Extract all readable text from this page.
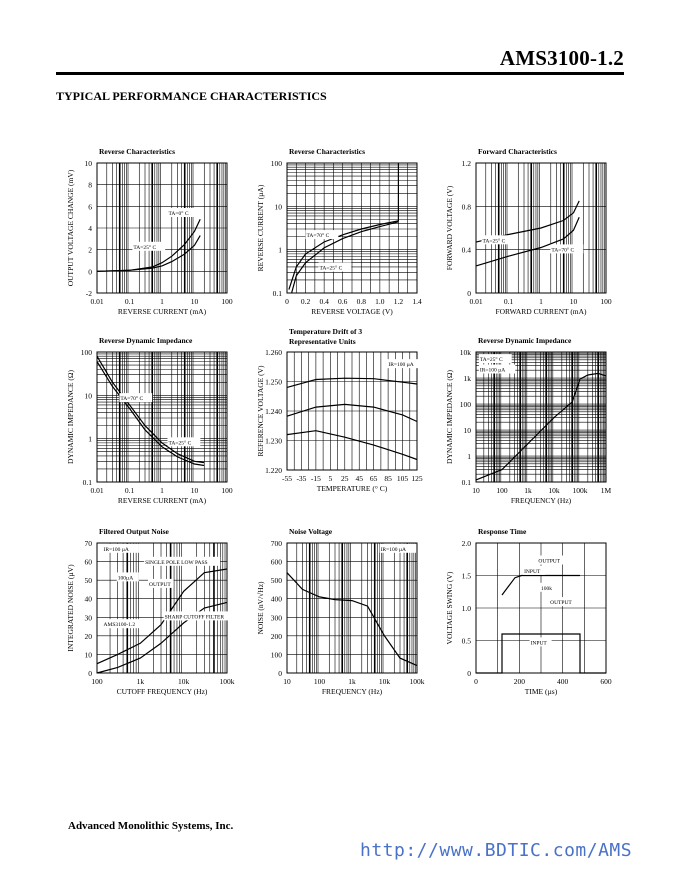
AMS3100-1.2
TYPICAL PERFORMANCE CHARACTERISTICS
Reverse Characteristics
0.01	0.1	1	10	100
-2
0
2
4
6
8
10
REVERSE CURRENT (mA)
OUTPUT VOLTAGE CHANGE (mV)	TA=0° C
TA=25° C
Reverse Characteristics
0 0.2 0.4 0.6 0.8 1.0 1.2 1.4
0.1
1
10
100
REVERSE VOLTAGE (V)
REVERSE CURRENT (µA)	TA=70° C
TA=25° C
Forward Characteristics
0.01	0.1	1	10	100
0
0.4
0.8
1.2
FORWARD CURRENT (mA)
FORWARD VOLTAGE (V)	TA=25° C
TA=70° C
Reverse Dynamic Impedance
0.01	0.1	1	10	100
0.1
1
10
100
REVERSE CURRENT (mA)
DYNAMIC IMPEDANCE (Ω)	TA=70° C
TA=25° C
Temperature Drift of 3
Representative Units
-55 -35 -15 5 25 45 65 85 105 125
1.220
1.230
1.240
1.250
1.260
TEMPERATURE (° C)
REFERENCE VOLTAGE (V)
IR=100 µA
Reverse Dynamic Impedance
10 100 1k 10k 100k 1M
0.1
1
10
100
1k
10k
FREQUENCY (Hz)
DYNAMIC IMPEDANCE (Ω)
TA=25° C
IR=100 µA
Filtered Output Noise
100	1k	10k	100k
0
10
20
30
40
50
60
70
CUTOFF FREQUENCY (Hz)
INTEGRATED NOISE (µV)
IR=100 µA
SINGLE POLE LOW PASS
SHARP CUTOFF FILTER
100µA
OUTPUT
AMS3100-1.2
Noise Voltage
10	100	1k	10k	100k
0
100
200
300
400
500
600
700
FREQUENCY (Hz)
NOISE (nV/√Hz)
IR=100 µA
Response Time
0	200	400	600
0
0.5
1.0
1.5
2.0
TIME (µs)
VOLTAGE SWING (V)
OUTPUT
INPUT
100k
OUTPUT
INPUT
Advanced Monolithic Systems, Inc.
http://www.BDTIC.com/AMS
